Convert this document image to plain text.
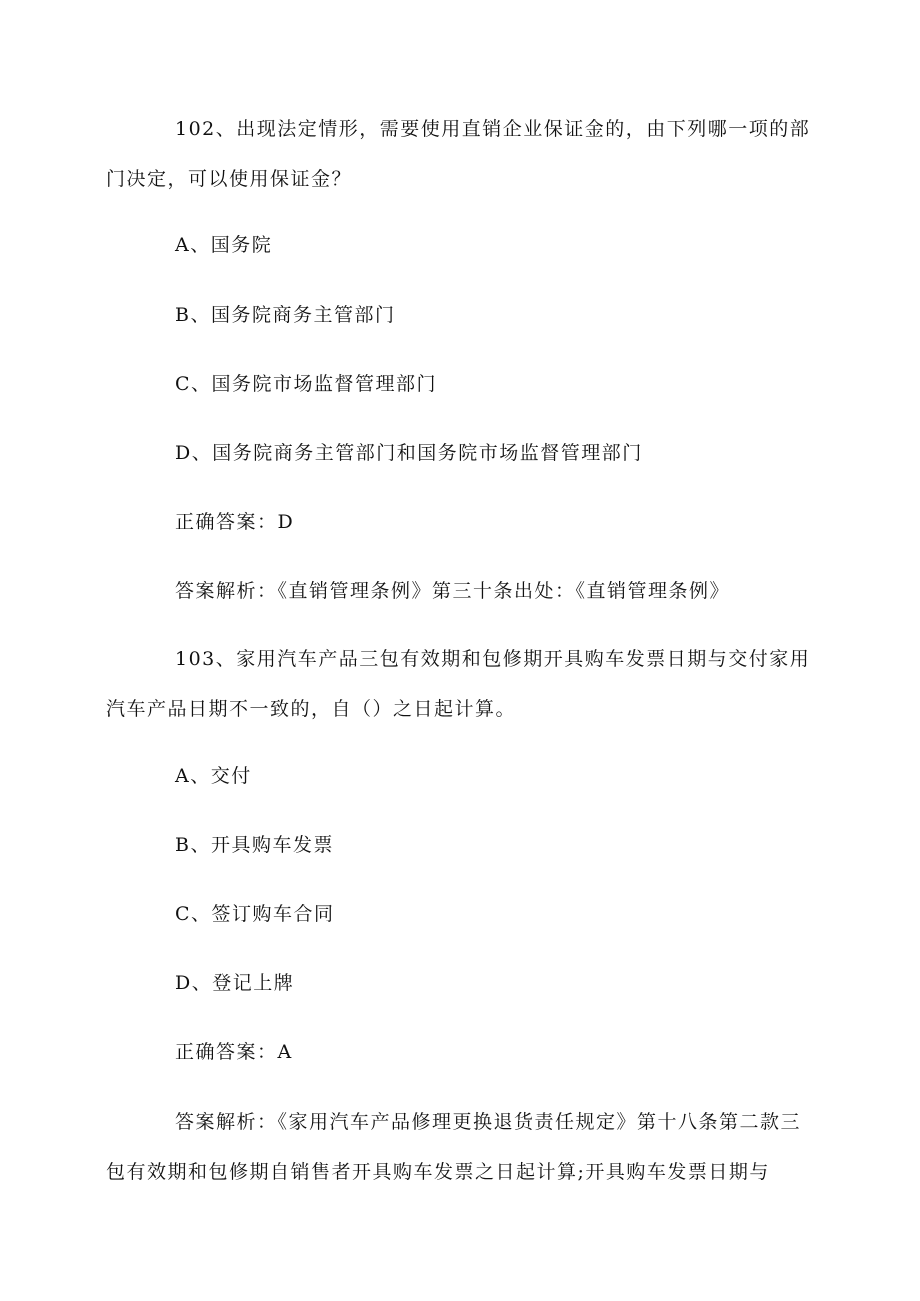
102、出现法定情形，需要使用直销企业保证金的，由下列哪一项的部
门决定，可以使用保证金？
A、国务院
B、国务院商务主管部门
C、国务院市场监督管理部门
D、国务院商务主管部门和国务院市场监督管理部门
正确答案：D
答案解析：《直销管理条例》第三十条出处：《直销管理条例》
103、家用汽车产品三包有效期和包修期开具购车发票日期与交付家用
汽车产品日期不一致的，自（）之日起计算。
A、交付
B、开具购车发票
C、签订购车合同
D、登记上牌
正确答案：A
答案解析：《家用汽车产品修理更换退货责任规定》第十八条第二款三
包有效期和包修期自销售者开具购车发票之日起计算;开具购车发票日期与
